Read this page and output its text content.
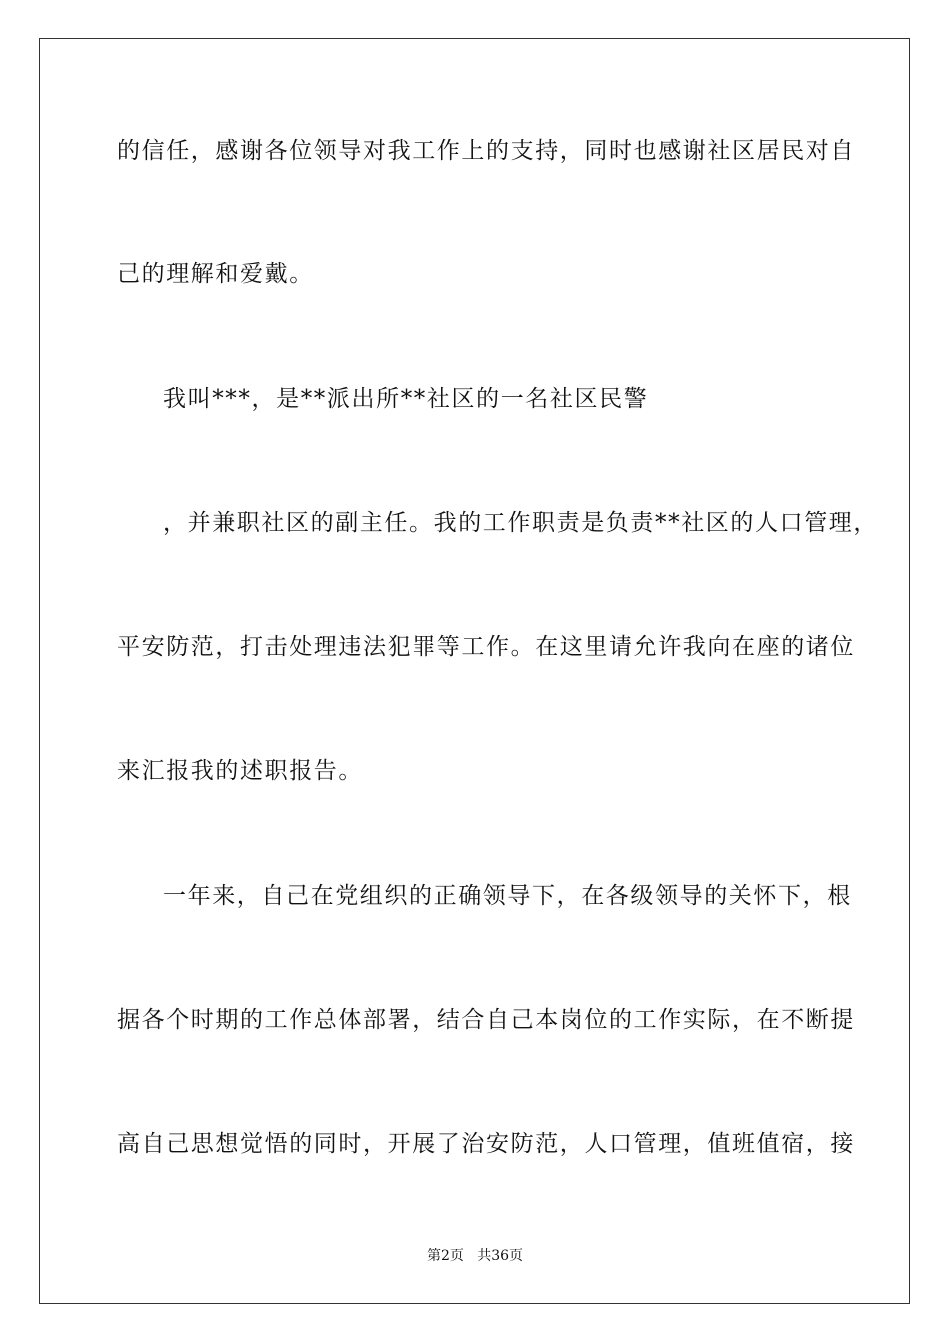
的信任，感谢各位领导对我工作上的支持，同时也感谢社区居民对自
己的理解和爱戴。
我叫***，是**派出所**社区的一名社区民警
，并兼职社区的副主任。我的工作职责是负责**社区的人口管理，
平安防范，打击处理违法犯罪等工作。在这里请允许我向在座的诸位
来汇报我的述职报告。
一年来，自己在党组织的正确领导下，在各级领导的关怀下，根
据各个时期的工作总体部署，结合自己本岗位的工作实际，在不断提
高自己思想觉悟的同时，开展了治安防范，人口管理，值班值宿，接
第2页   共36页
